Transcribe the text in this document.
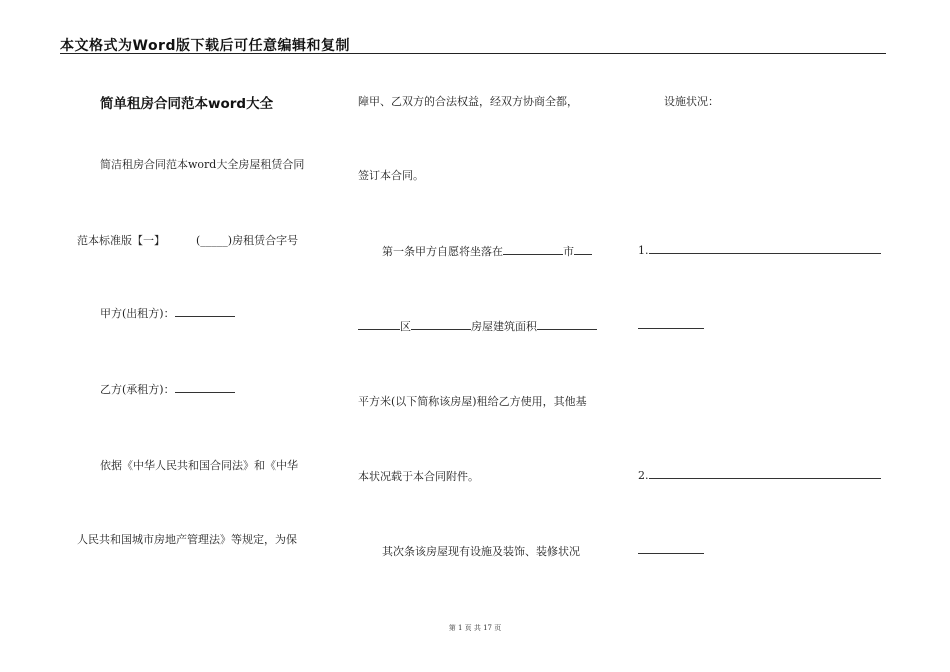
本文格式为Word版下载后可任意编辑和复制
简单租房合同范本word大全
简洁租房合同范本word大全房屋租赁合同
范本标准版【一】	(_____)房租赁合字号
甲方(出租方)：
乙方(承租方)：
依据《中华人民共和国合同法》和《中华
人民共和国城市房地产管理法》等规定，为保
障甲、乙双方的合法权益，经双方协商全都，
签订本合同。
第一条甲方自愿将坐落在	市
区	房屋建筑面积
平方米(以下简称该房屋)租给乙方使用，其他基
本状况载于本合同附件。
其次条该房屋现有设施及装饰、装修状况
设施状况：
1.
2.
第 1 页 共 17 页
